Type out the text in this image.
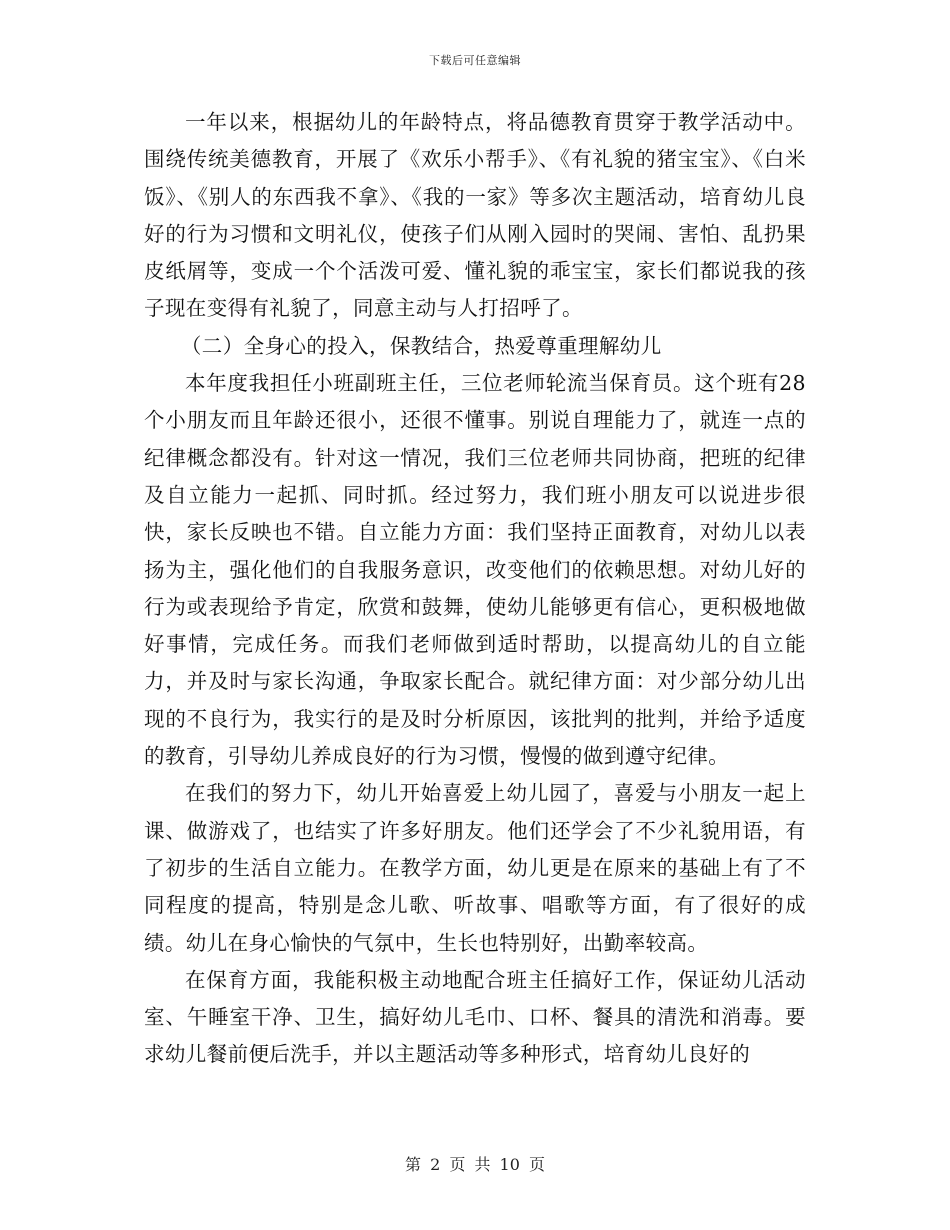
下载后可任意编辑

一年以来，根据幼儿的年龄特点，将品德教育贯穿于教学活动中。围绕传统美德教育，开展了《欢乐小帮手》、《有礼貌的猪宝宝》、《白米饭》、《别人的东西我不拿》、《我的一家》等多次主题活动，培育幼儿良好的行为习惯和文明礼仪，使孩子们从刚入园时的哭闹、害怕、乱扔果皮纸屑等，变成一个个活泼可爱、懂礼貌的乖宝宝，家长们都说我的孩子现在变得有礼貌了，同意主动与人打招呼了。

（二）全身心的投入，保教结合，热爱尊重理解幼儿

本年度我担任小班副班主任，三位老师轮流当保育员。这个班有28个小朋友而且年龄还很小，还很不懂事。别说自理能力了，就连一点的纪律概念都没有。针对这一情况，我们三位老师共同协商，把班的纪律及自立能力一起抓、同时抓。经过努力，我们班小朋友可以说进步很快，家长反映也不错。自立能力方面：我们坚持正面教育，对幼儿以表扬为主，强化他们的自我服务意识，改变他们的依赖思想。对幼儿好的行为或表现给予肯定，欣赏和鼓舞，使幼儿能够更有信心，更积极地做好事情，完成任务。而我们老师做到适时帮助，以提高幼儿的自立能力，并及时与家长沟通，争取家长配合。就纪律方面：对少部分幼儿出现的不良行为，我实行的是及时分析原因，该批判的批判，并给予适度的教育，引导幼儿养成良好的行为习惯，慢慢的做到遵守纪律。

在我们的努力下，幼儿开始喜爱上幼儿园了，喜爱与小朋友一起上课、做游戏了，也结实了许多好朋友。他们还学会了不少礼貌用语，有了初步的生活自立能力。在教学方面，幼儿更是在原来的基础上有了不同程度的提高，特别是念儿歌、听故事、唱歌等方面，有了很好的成绩。幼儿在身心愉快的气氛中，生长也特别好，出勤率较高。

在保育方面，我能积极主动地配合班主任搞好工作，保证幼儿活动室、午睡室干净、卫生，搞好幼儿毛巾、口杯、餐具的清洗和消毒。要求幼儿餐前便后洗手，并以主题活动等多种形式，培育幼儿良好的

第 2 页 共 10 页
